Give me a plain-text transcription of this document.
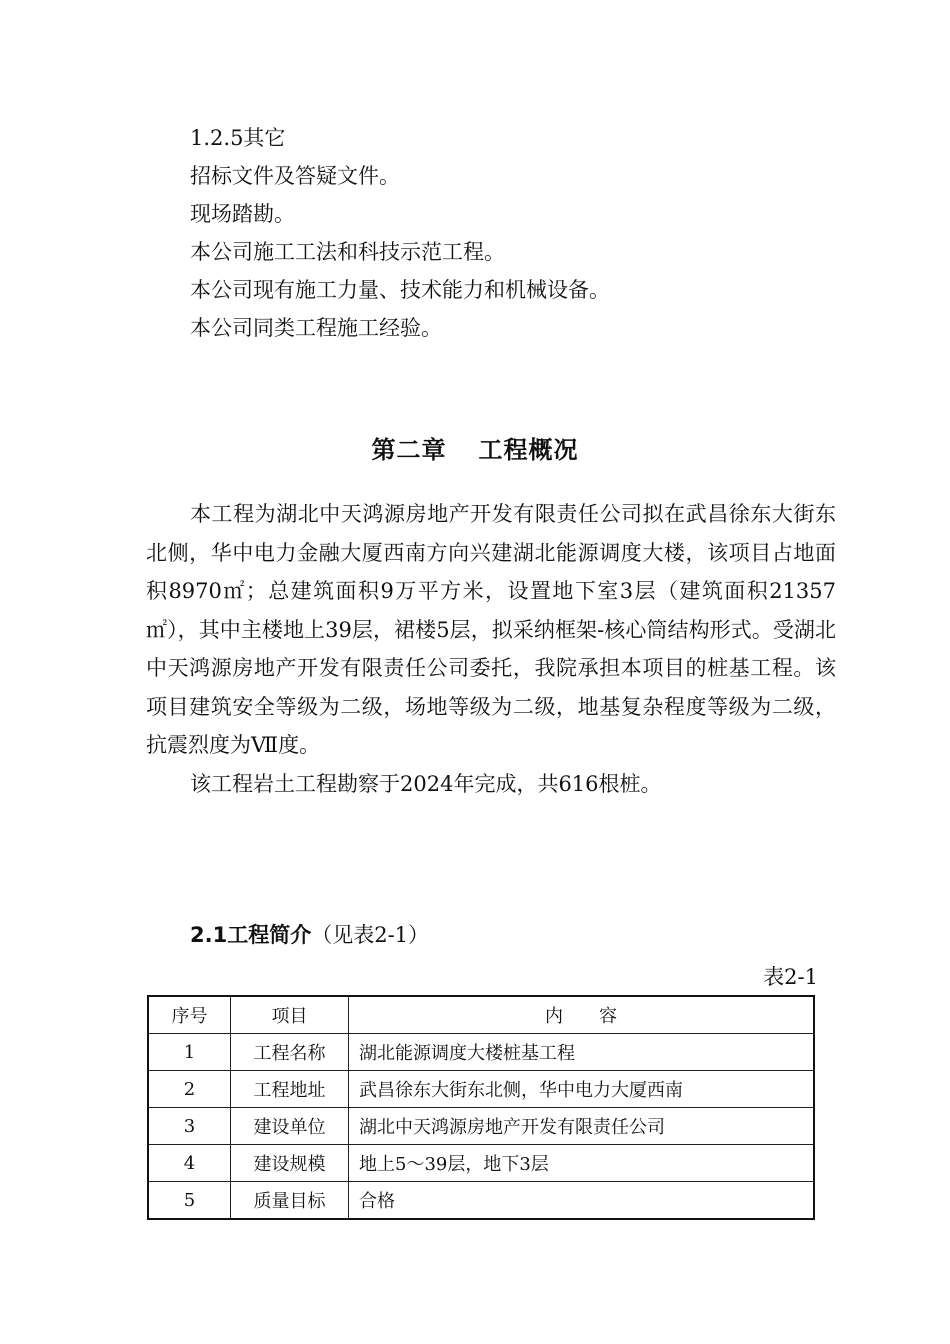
1.2.5其它
招标文件及答疑文件。
现场踏勘。
本公司施工工法和科技示范工程。
本公司现有施工力量、技术能力和机械设备。
本公司同类工程施工经验。
第二章 工程概况

本工程为湖北中天鸿源房地产开发有限责任公司拟在武昌徐东大街东北侧，华中电力金融大厦西南方向兴建湖北能源调度大楼，该项目占地面积8970㎡；总建筑面积9万平方米，设置地下室3层（建筑面积21357㎡），其中主楼地上39层，裙楼5层，拟采纳框架-核心筒结构形式。受湖北中天鸿源房地产开发有限责任公司委托，我院承担本项目的桩基工程。该项目建筑安全等级为二级，场地等级为二级，地基复杂程度等级为二级，抗震烈度为Ⅶ度。

该工程岩土工程勘察于2024年完成，共616根桩。

2.1工程简介（见表2-1）
表2-1
序号	项目	内　　容
1	工程名称	湖北能源调度大楼桩基工程
2	工程地址	武昌徐东大街东北侧，华中电力大厦西南
3	建设单位	湖北中天鸿源房地产开发有限责任公司
4	建设规模	地上5～39层，地下3层
5	质量目标	合格
